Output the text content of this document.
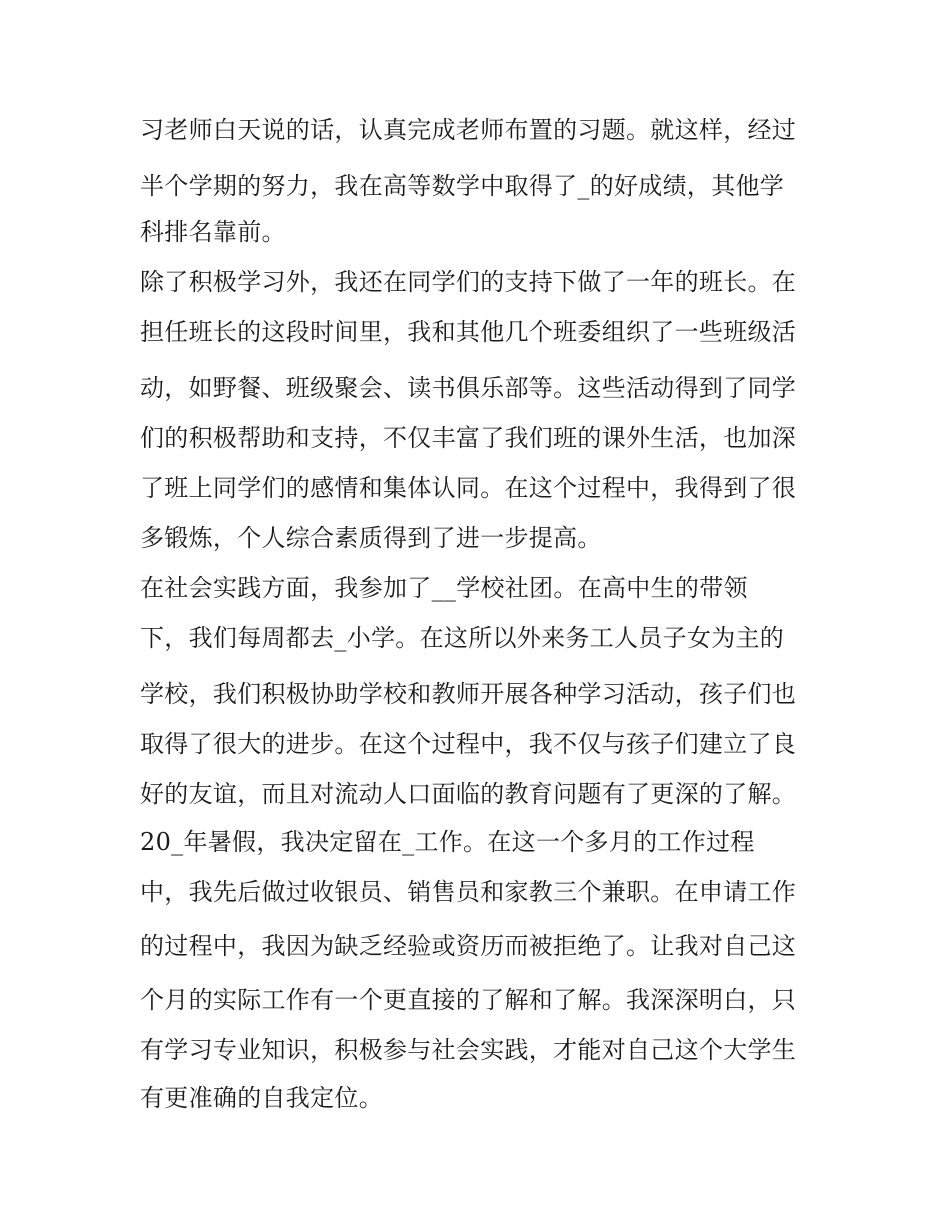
习老师白天说的话，认真完成老师布置的习题。就这样，经过

半个学期的努力，我在高等数学中取得了_的好成绩，其他学

科排名靠前。

除了积极学习外，我还在同学们的支持下做了一年的班长。在

担任班长的这段时间里，我和其他几个班委组织了一些班级活

动，如野餐、班级聚会、读书俱乐部等。这些活动得到了同学

们的积极帮助和支持，不仅丰富了我们班的课外生活，也加深

了班上同学们的感情和集体认同。在这个过程中，我得到了很

多锻炼，个人综合素质得到了进一步提高。

在社会实践方面，我参加了__学校社团。在高中生的带领

下，我们每周都去_小学。在这所以外来务工人员子女为主的

学校，我们积极协助学校和教师开展各种学习活动，孩子们也

取得了很大的进步。在这个过程中，我不仅与孩子们建立了良

好的友谊，而且对流动人口面临的教育问题有了更深的了解。

20_年暑假，我决定留在_工作。在这一个多月的工作过程

中，我先后做过收银员、销售员和家教三个兼职。在申请工作

的过程中，我因为缺乏经验或资历而被拒绝了。让我对自己这

个月的实际工作有一个更直接的了解和了解。我深深明白，只

有学习专业知识，积极参与社会实践，才能对自己这个大学生

有更准确的自我定位。
